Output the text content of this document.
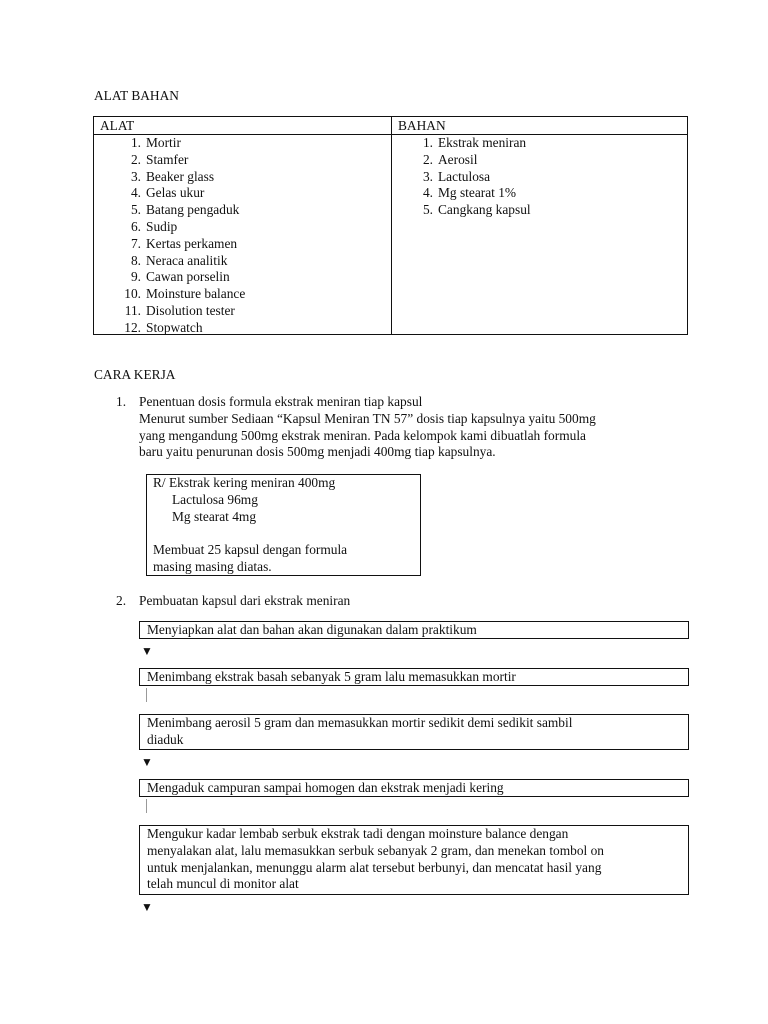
ALAT BAHAN
ALAT	BAHAN
1. Mortir
2. Stamfer
3. Beaker glass
4. Gelas ukur
5. Batang pengaduk
6. Sudip
7. Kertas perkamen
8. Neraca analitik
9. Cawan porselin
10. Moinsture balance
11. Disolution tester
12. Stopwatch
1. Ekstrak meniran
2. Aerosil
3. Lactulosa
4. Mg stearat 1%
5. Cangkang kapsul
CARA KERJA
1. Penentuan dosis formula ekstrak meniran tiap kapsul
Menurut sumber Sediaan “Kapsul Meniran TN 57” dosis tiap kapsulnya yaitu 500mg
yang mengandung 500mg ekstrak meniran. Pada kelompok kami dibuatlah formula
baru yaitu penurunan dosis 500mg menjadi 400mg tiap kapsulnya.
R/ Ekstrak kering meniran 400mg
Lactulosa 96mg
Mg stearat 4mg
Membuat 25 kapsul dengan formula
masing masing diatas.
2. Pembuatan kapsul dari ekstrak meniran
Menyiapkan alat dan bahan akan digunakan dalam praktikum
▼
Menimbang ekstrak basah sebanyak 5 gram lalu memasukkan mortir
Menimbang aerosil 5 gram dan memasukkan mortir sedikit demi sedikit sambil
diaduk
▼
Mengaduk campuran sampai homogen dan ekstrak menjadi kering
Mengukur kadar lembab serbuk ekstrak tadi dengan moinsture balance dengan
menyalakan alat, lalu memasukkan serbuk sebanyak 2 gram, dan menekan tombol on
untuk menjalankan, menunggu alarm alat tersebut berbunyi, dan mencatat hasil yang
telah muncul di monitor alat
▼
